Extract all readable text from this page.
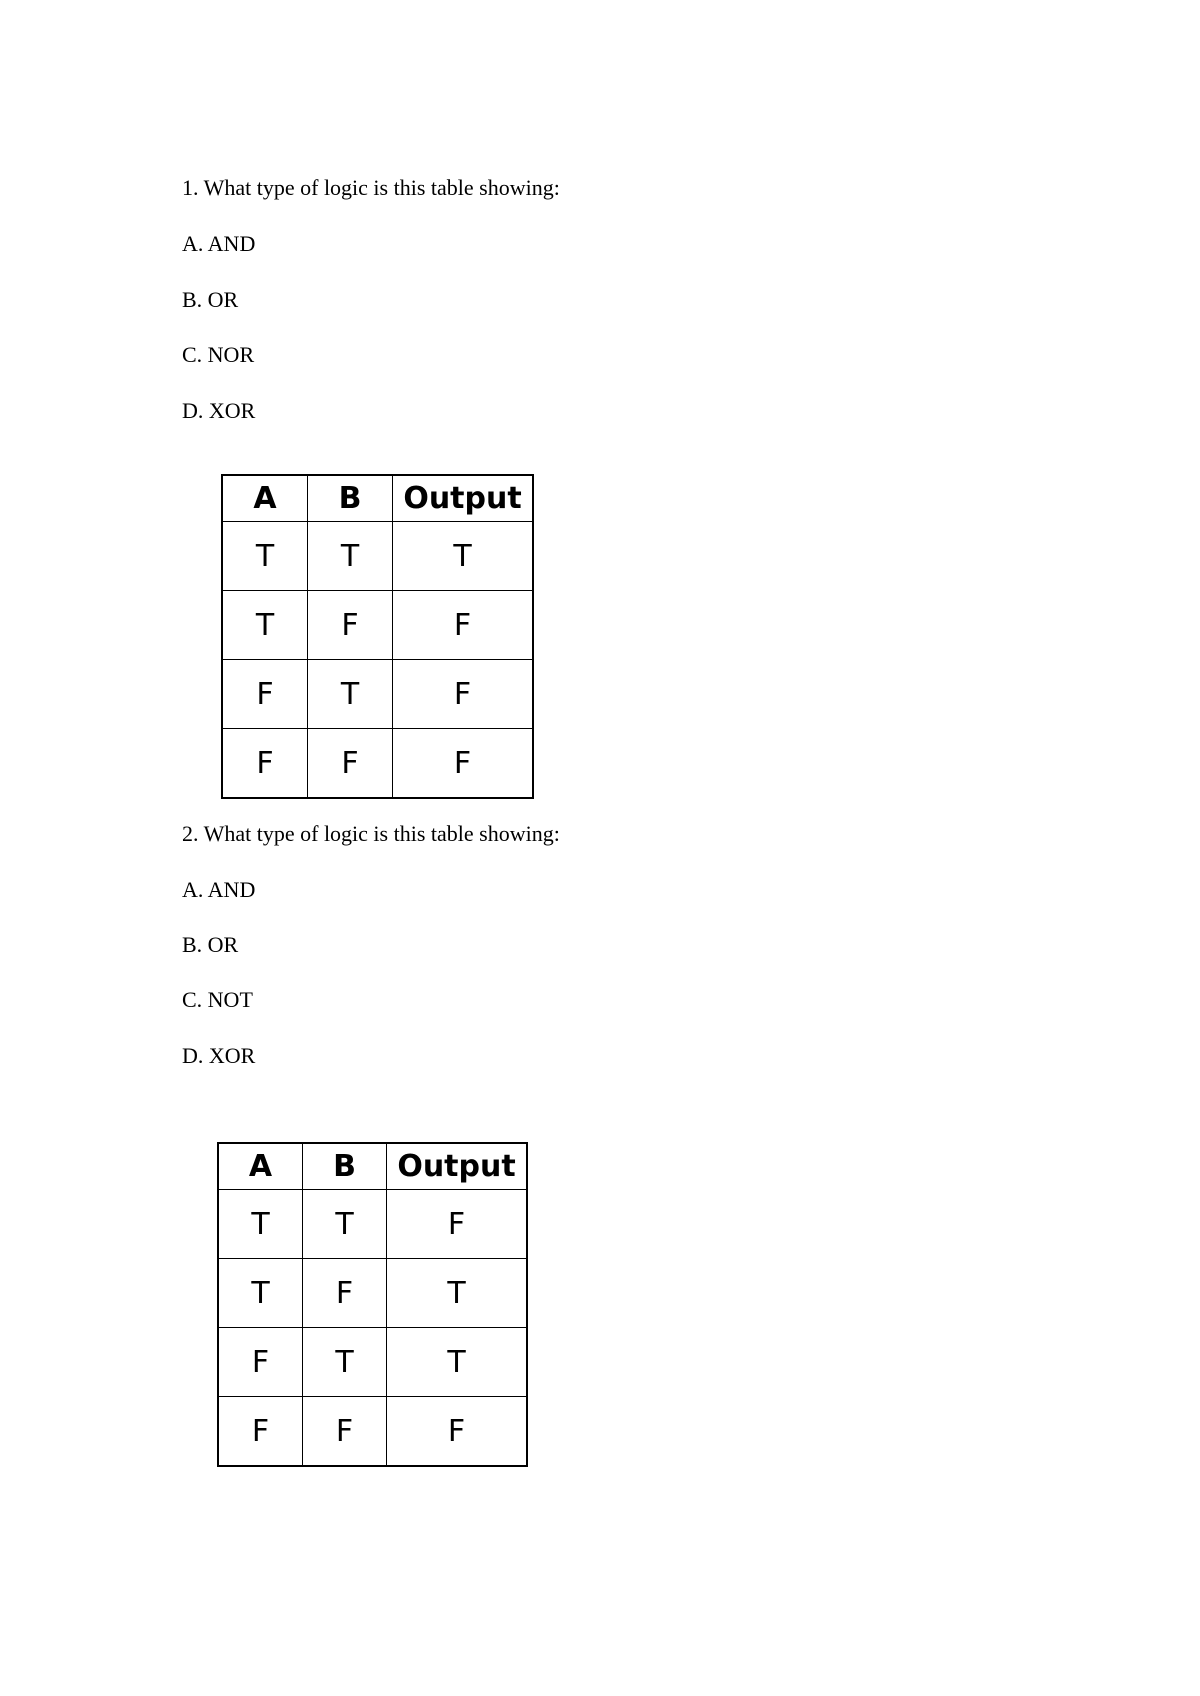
1. What type of logic is this table showing:
A. AND
B. OR
C. NOR
D. XOR
A	B	Output
T	T	T
T	F	F
F	T	F
F	F	F
2. What type of logic is this table showing:
A. AND
B. OR
C. NOT
D. XOR
A	B	Output
T	T	F
T	F	T
F	T	T
F	F	F
